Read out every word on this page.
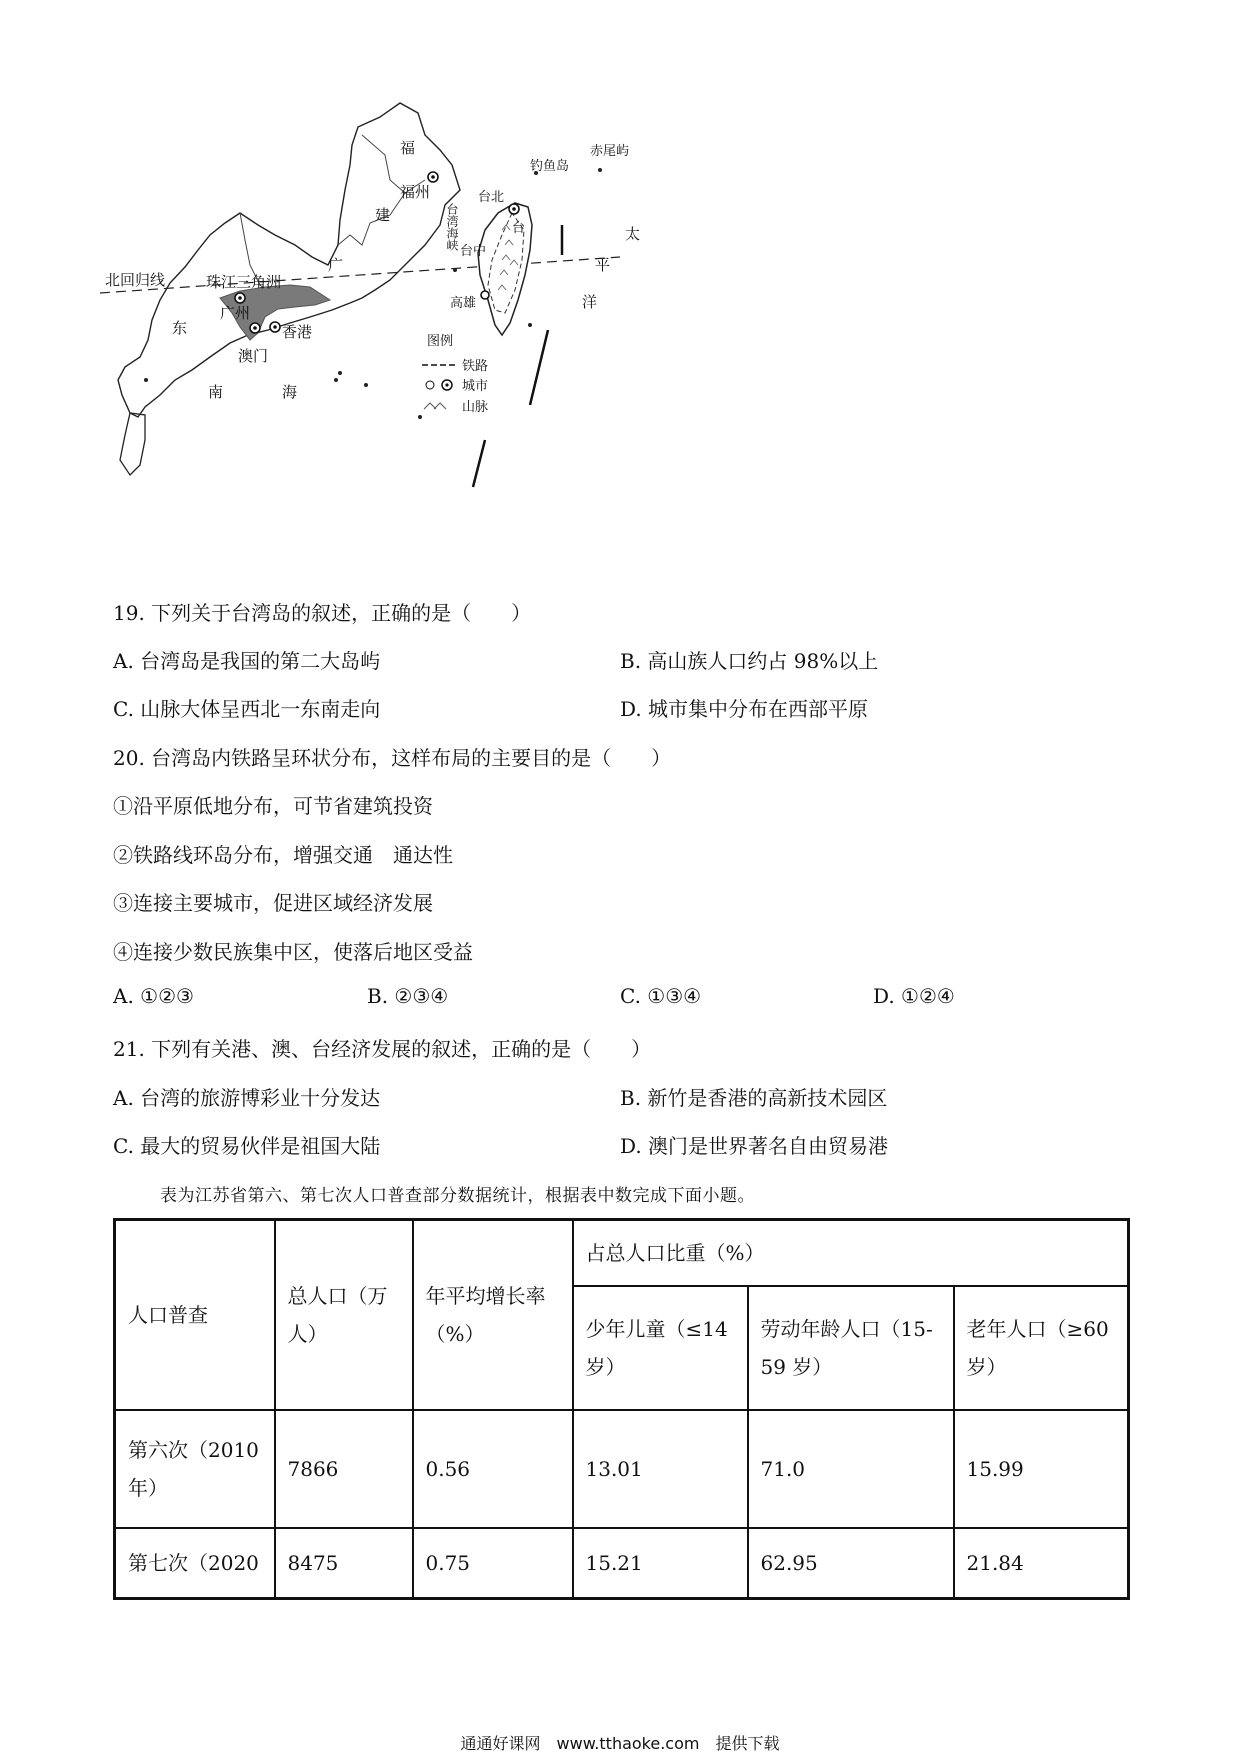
福
福州
建
广
东
珠江三角洲
广州
香港
澳门
南	海
北回归线
钓鱼岛
赤尾屿
台北
台
台中
高雄
台湾海峡	太
平
洋
图例
铁路
城市
山脉
19. 下列关于台湾岛的叙述，正确的是（　　）
A. 台湾岛是我国的第二大岛屿	B. 高山族人口约占 98%以上
C. 山脉大体呈西北一东南走向	D. 城市集中分布在西部平原
20. 台湾岛内铁路呈环状分布，这样布局的主要目的是（　　）
①沿平原低地分布，可节省建筑投资
②铁路线环岛分布，增强交通　通达性
③连接主要城市，促进区域经济发展
④连接少数民族集中区，使落后地区受益
A. ①②③	B. ②③④	C. ①③④	D. ①②④
21. 下列有关港、澳、台经济发展的叙述，正确的是（　　）
A. 台湾的旅游博彩业十分发达	B. 新竹是香港的高新技术园区
C. 最大的贸易伙伴是祖国大陆	D. 澳门是世界著名自由贸易港
表为江苏省第六、第七次人口普查部分数据统计，根据表中数完成下面小题。
人口普查	总人口（万人）	年平均增长率（%）	占总人口比重（%）		
			少年儿童（≤14 岁）	劳动年龄人口（15-59 岁）	老年人口（≥60 岁）
第六次（2010年）	7866	0.56	13.01	71.0	15.99
第七次（2020	8475	0.75	15.21	62.95	21.84
通通好课网　www.tthaoke.com　提供下载
